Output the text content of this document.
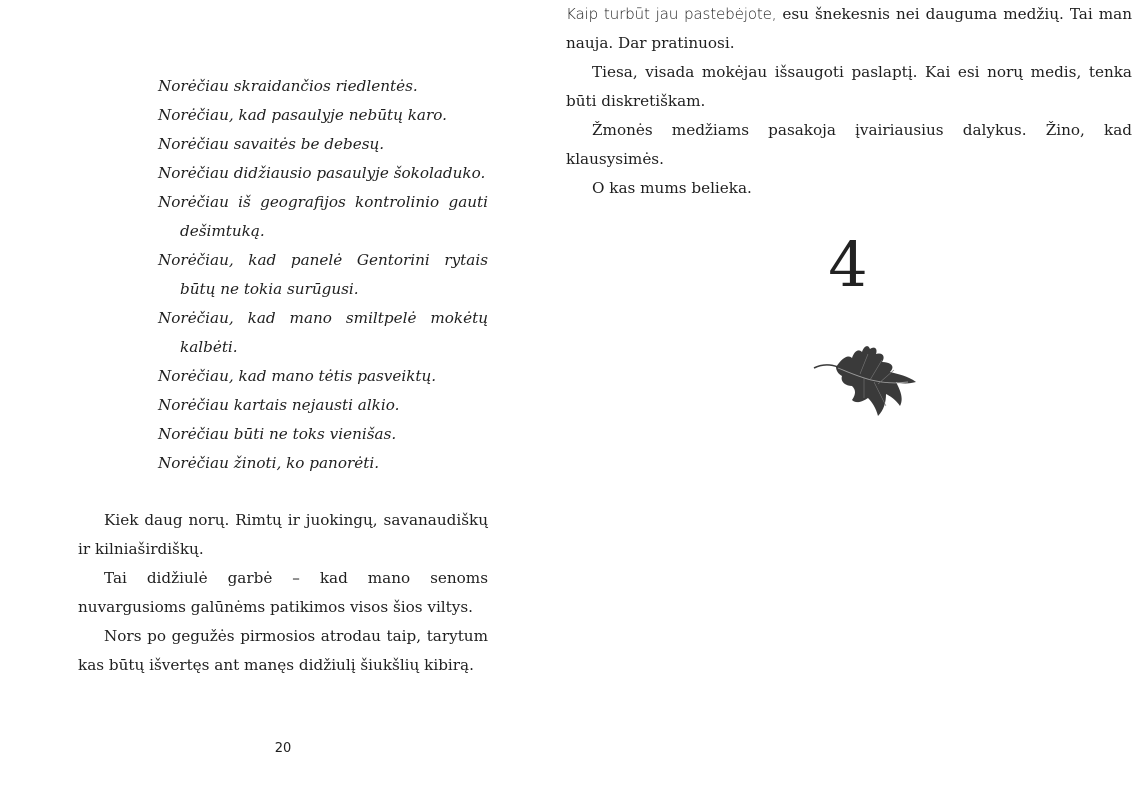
Norėčiau skraidančios riedlentės.

Norėčiau, kad pasaulyje nebūtų karo.

Norėčiau savaitės be debesų.

Norėčiau didžiausio pasaulyje šokoladuko.

Norėčiau iš geografijos kontrolinio gauti dešimtuką.

Norėčiau, kad panelė Gentorini rytais būtų ne tokia surūgusi.

Norėčiau, kad mano smiltpelė mokėtų kalbėti.

Norėčiau, kad mano tėtis pasveiktų.

Norėčiau kartais nejausti alkio.

Norėčiau būti ne toks vienišas.

Norėčiau žinoti, ko panorėti.

Kiek daug norų. Rimtų ir juokingų, savanaudiškų ir kilniaširdiškų.

Tai didžiulė garbė – kad mano senoms nuvargusioms galūnėms patikimos visos šios viltys.

Nors po gegužės pirmosios atrodau taip, tarytum kas būtų išvertęs ant manęs didžiulį šiukšlių kibirą.

20
4

Kaip turbūt jau pastebėjote, esu šnekesnis nei dauguma medžių. Tai man nauja. Dar pratinuosi.

Tiesa, visada mokėjau išsaugoti paslaptį. Kai esi norų medis, tenka būti diskretiškam.

Žmonės medžiams pasakoja įvairiausius dalykus. Žino, kad klausysimės.

O kas mums belieka.
